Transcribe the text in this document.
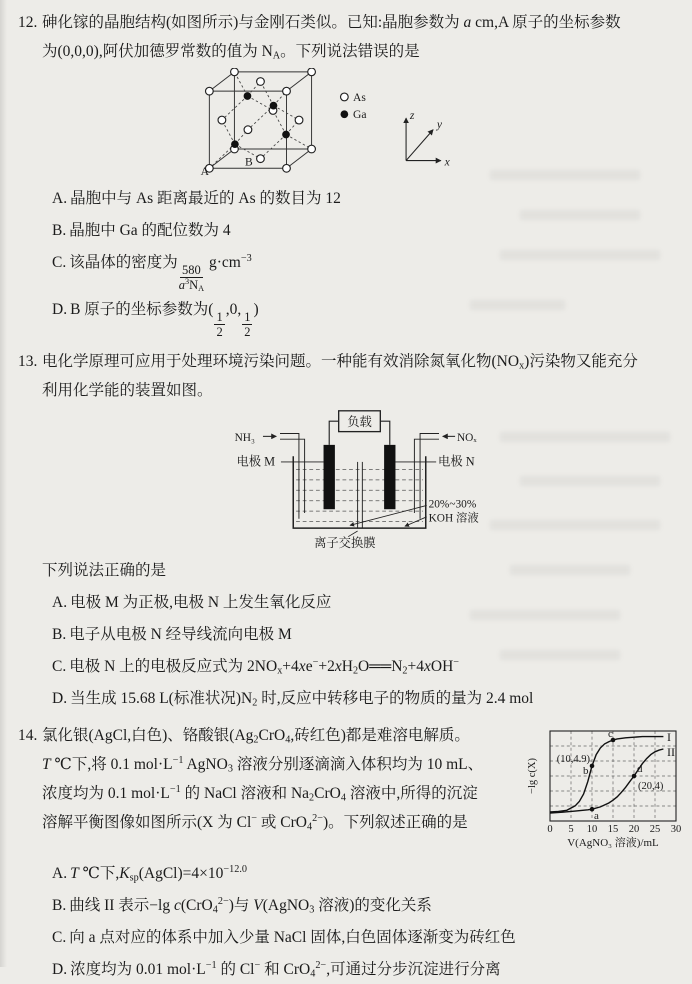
12. 砷化镓的晶胞结构(如图所示)与金刚石类似。已知:晶胞参数为 a cm,A 原子的坐标参数

为(0,0,0),阿伏加德罗常数的值为 $N_A$。下列说法错误的是

A
B
As
Ga	z
y
x
A. 晶胞中与 As 距离最近的 As 的数目为 12
B. 晶胞中 Ga 的配位数为 4
C. 该晶体的密度为
$\frac{580}{a^3N_A}$
$g\cdot cm^{-3}$
D. B 原子的坐标参数为(
$\frac{1}{2}$
,0,
$\frac{1}{2}$
)
13. 电化学原理可应用于处理环境污染问题。一种能有效消除氮氧化物$(NO_x)$污染物又能充分

利用化学能的装置如图。

负载
NH₃	NOₓ
电极 M	电极 N
20%~30%
KOH 溶液
离子交换膜

下列说法正确的是

A. 电极 M 为正极,电极 N 上发生氧化反应
B. 电子从电极 N 经导线流向电极 M
C. 电极 N 上的电极反应式为 $2NO_x+4xe^-+2xH_2O══N_2+4xOH^-$
D. 当生成 15.68 L(标准状况)$N_2$ 时,反应中转移电子的物质的量为 2.4 mol
14. 氯化银(AgCl,白色)、铬酸银($Ag_2CrO_4$,砖红色)都是难溶电解质。

T ℃下,将 0.1 $mol\cdot L^{-1}$ AgNO$_3$ 溶液分别逐滴滴入体积均为 10 mL、

浓度均为 0.1 $mol\cdot L^{-1}$ 的 NaCl 溶液和 $Na_2CrO_4$ 溶液中,所得的沉淀

溶解平衡图像如图所示(X 为 Cl− 或 CrO$_4^{2-}$)。下列叙述正确的是	a
b
c
d
(10,4.9)
(20,4)
I
II
0 5 10 15 20 25 30
V(AgNO₃ 溶液)/mL
−lg c(X)
A. T ℃下$,K_{sp}(AgCl)=4\times 10^{-12.0}$
B. 曲线 II 表示−lg c(CrO$_4^{2-}$)与 V(AgNO$_3$ 溶液)的变化关系
C. 向 a 点对应的体系中加入少量 NaCl 固体,白色固体逐渐变为砖红色
D. 浓度均为 0.01 $mol\cdot L^{-1}$ 的 Cl− 和 CrO$_4^{2-}$,可通过分步沉淀进行分离
